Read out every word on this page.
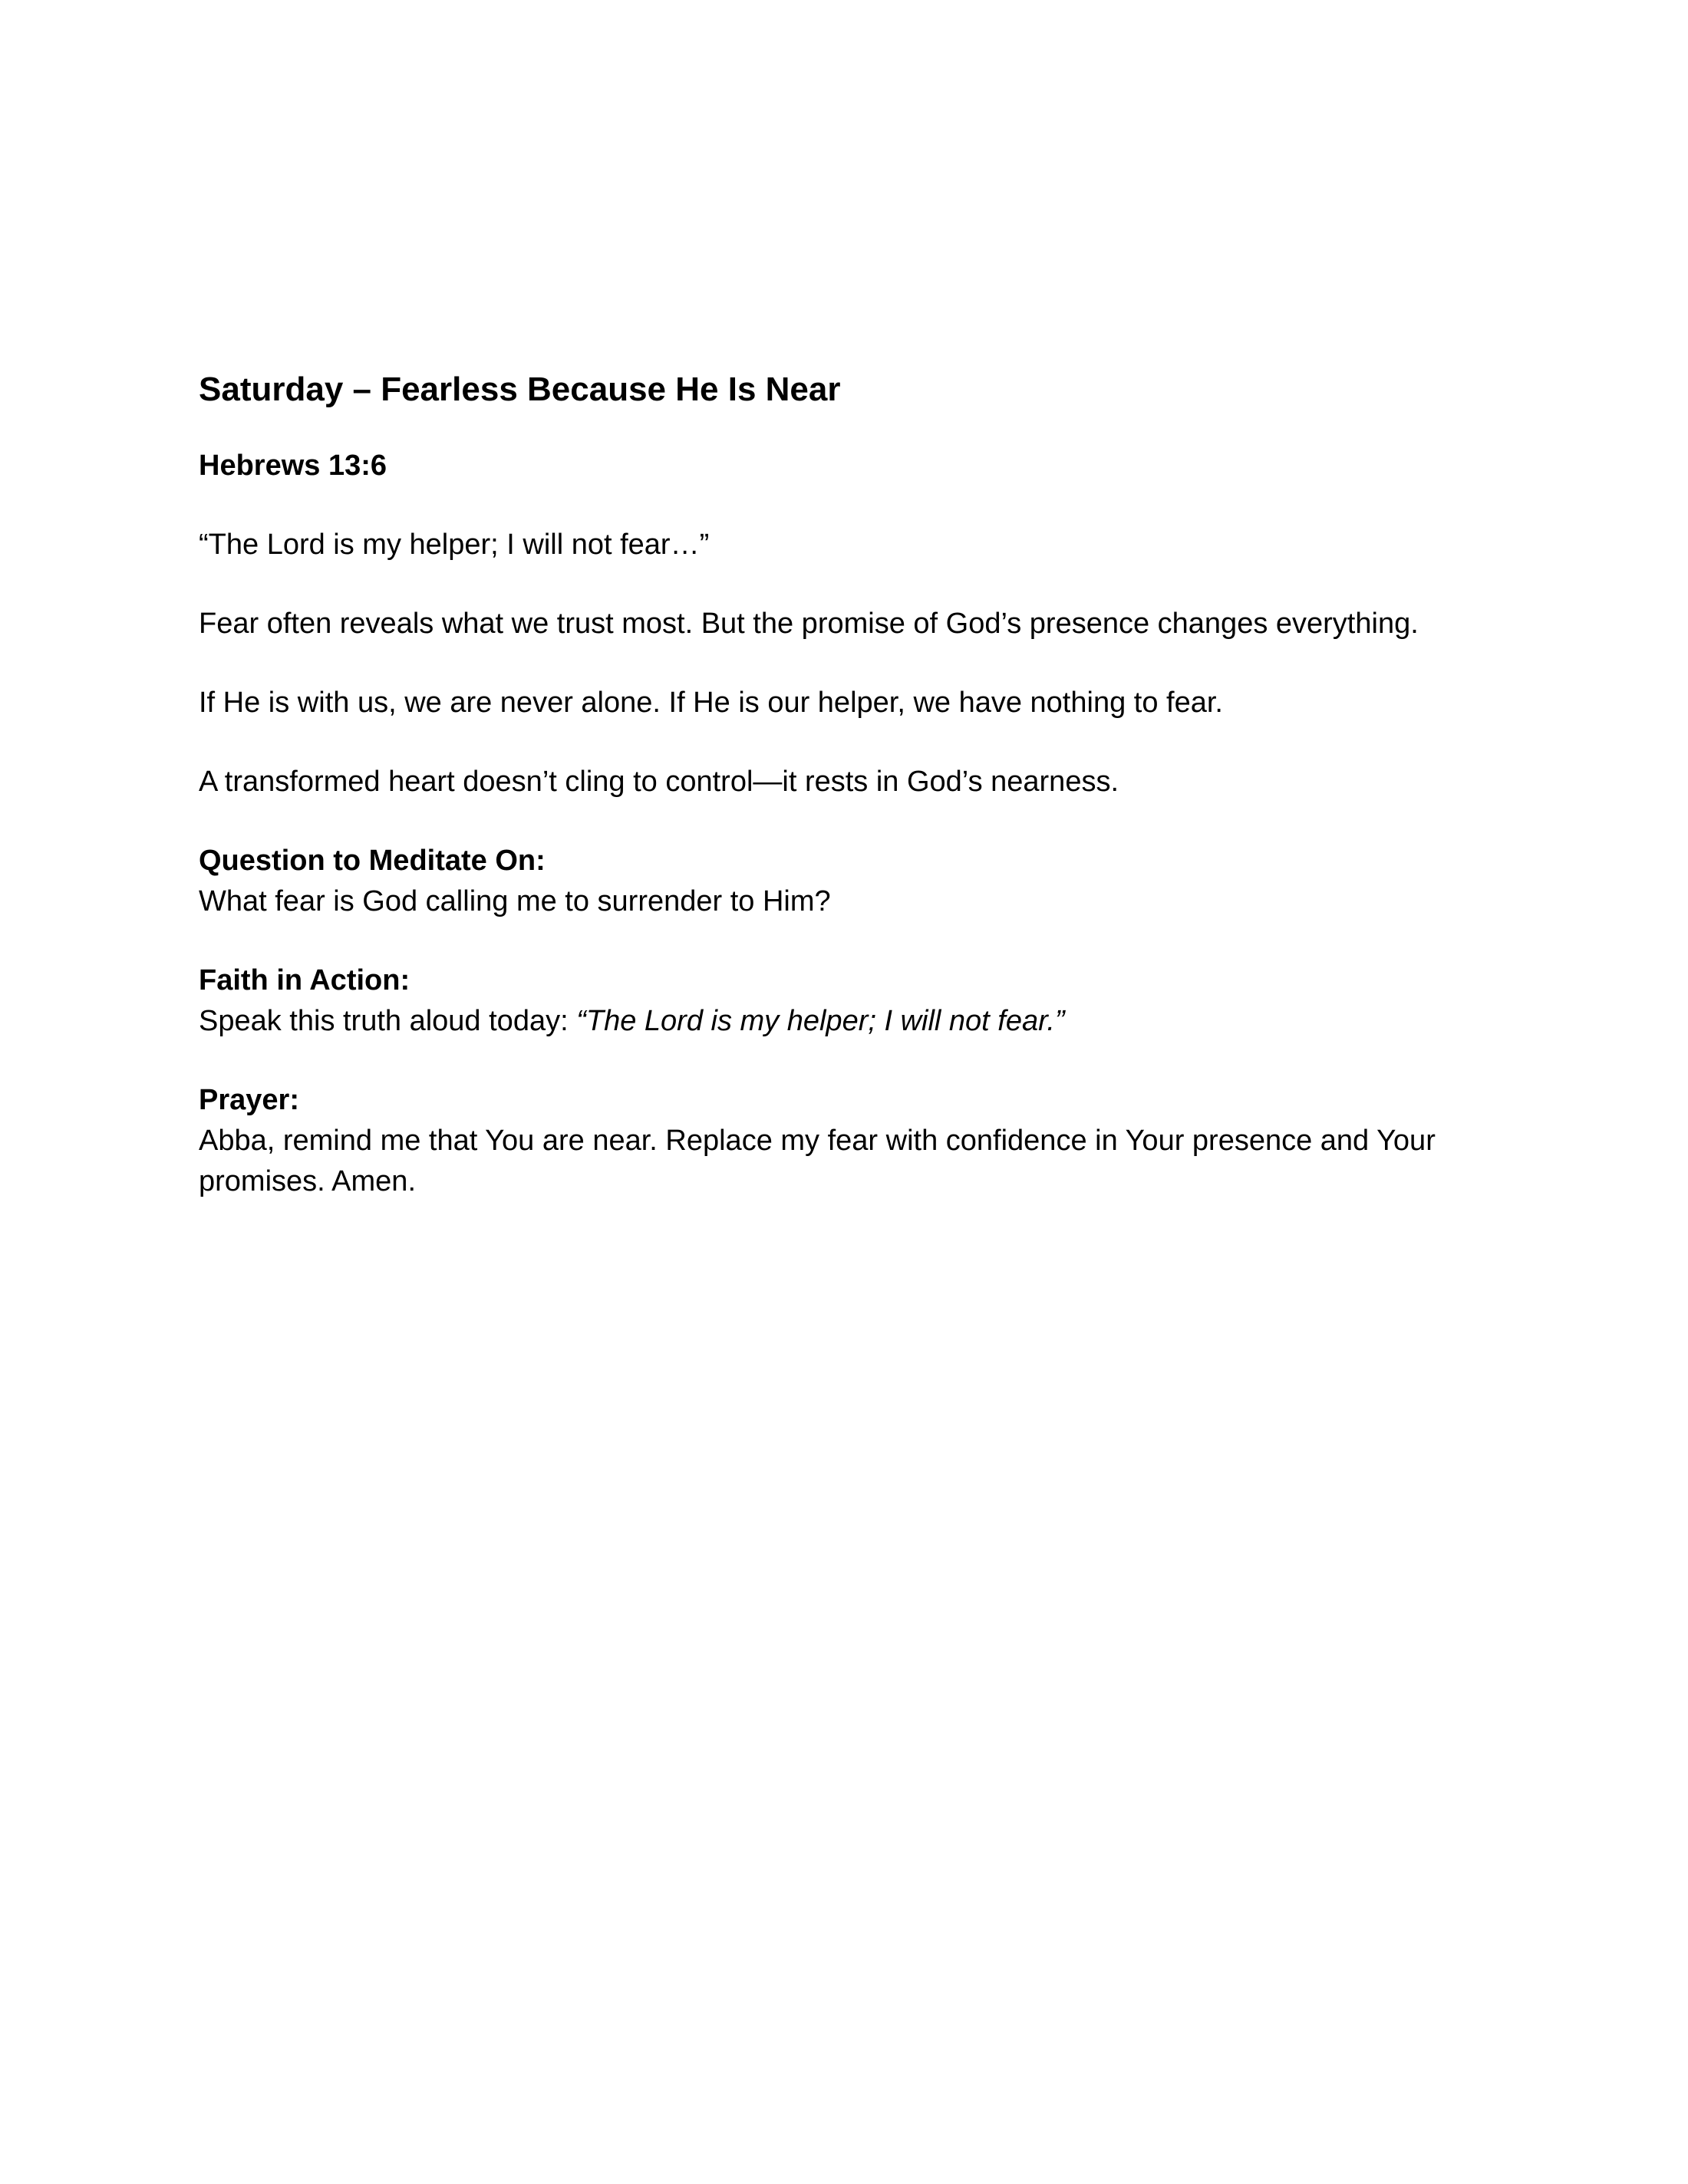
Saturday – Fearless Because He Is Near
Hebrews 13:6
“The Lord is my helper; I will not fear…”
Fear often reveals what we trust most. But the promise of God’s presence changes everything.
If He is with us, we are never alone. If He is our helper, we have nothing to fear.
A transformed heart doesn’t cling to control—it rests in God’s nearness.
Question to Meditate On:
What fear is God calling me to surrender to Him?
Faith in Action:
Speak this truth aloud today: “The Lord is my helper; I will not fear.”
Prayer:
Abba, remind me that You are near. Replace my fear with confidence in Your presence and Your promises. Amen.
